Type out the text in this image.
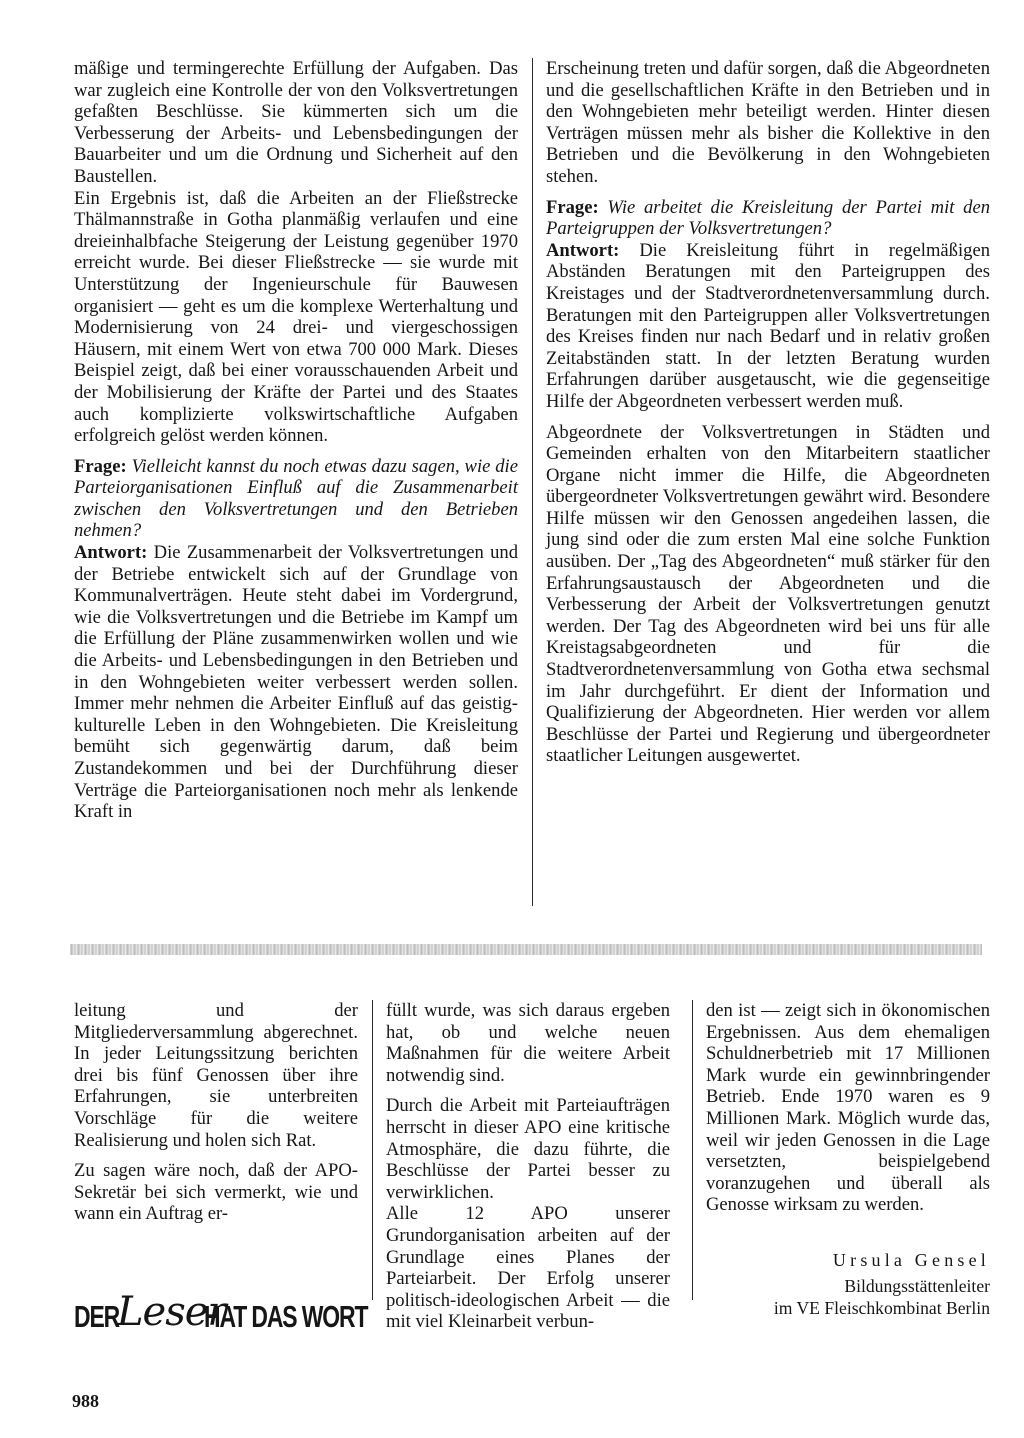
mäßige und termingerechte Erfüllung der Aufgaben. Das war zugleich eine Kontrolle der von den Volksvertretungen gefaßten Beschlüsse. Sie kümmerten sich um die Verbesserung der Arbeits- und Lebensbedingungen der Bauarbeiter und um die Ordnung und Sicherheit auf den Baustellen.

Ein Ergebnis ist, daß die Arbeiten an der Fließstrecke Thälmannstraße in Gotha planmäßig verlaufen und eine dreieinhalbfache Steigerung der Leistung gegenüber 1970 erreicht wurde. Bei dieser Fließstrecke — sie wurde mit Unterstützung der Ingenieurschule für Bauwesen organisiert — geht es um die komplexe Werterhaltung und Modernisierung von 24 drei- und viergeschossigen Häusern, mit einem Wert von etwa 700 000 Mark. Dieses Beispiel zeigt, daß bei einer vorausschauenden Arbeit und der Mobilisierung der Kräfte der Partei und des Staates auch komplizierte volkswirtschaftliche Aufgaben erfolgreich gelöst werden können.

Frage: Vielleicht kannst du noch etwas dazu sagen, wie die Parteiorganisationen Einfluß auf die Zusammenarbeit zwischen den Volksvertretungen und den Betrieben nehmen?

Antwort: Die Zusammenarbeit der Volksvertretungen und der Betriebe entwickelt sich auf der Grundlage von Kommunalverträgen. Heute steht dabei im Vordergrund, wie die Volksvertretungen und die Betriebe im Kampf um die Erfüllung der Pläne zusammenwirken wollen und wie die Arbeits- und Lebensbedingungen in den Betrieben und in den Wohngebieten weiter verbessert werden sollen. Immer mehr nehmen die Arbeiter Einfluß auf das geistig-kulturelle Leben in den Wohngebieten. Die Kreisleitung bemüht sich gegenwärtig darum, daß beim Zustandekommen und bei der Durchführung dieser Verträge die Parteiorganisationen noch mehr als lenkende Kraft in

Erscheinung treten und dafür sorgen, daß die Abgeordneten und die gesellschaftlichen Kräfte in den Betrieben und in den Wohngebieten mehr beteiligt werden. Hinter diesen Verträgen müssen mehr als bisher die Kollektive in den Betrieben und die Bevölkerung in den Wohngebieten stehen.

Frage: Wie arbeitet die Kreisleitung der Partei mit den Parteigruppen der Volksvertretungen?

Antwort: Die Kreisleitung führt in regelmäßigen Abständen Beratungen mit den Parteigruppen des Kreistages und der Stadtverordnetenversammlung durch. Beratungen mit den Parteigruppen aller Volksvertretungen des Kreises finden nur nach Bedarf und in relativ großen Zeitabständen statt. In der letzten Beratung wurden Erfahrungen darüber ausgetauscht, wie die gegenseitige Hilfe der Abgeordneten verbessert werden muß.

Abgeordnete der Volksvertretungen in Städten und Gemeinden erhalten von den Mitarbeitern staatlicher Organe nicht immer die Hilfe, die Abgeordneten übergeordneter Volksvertretungen gewährt wird. Besondere Hilfe müssen wir den Genossen angedeihen lassen, die jung sind oder die zum ersten Mal eine solche Funktion ausüben. Der „Tag des Abgeordneten“ muß stärker für den Erfahrungsaustausch der Abgeordneten und die Verbesserung der Arbeit der Volksvertretungen genutzt werden. Der Tag des Abgeordneten wird bei uns für alle Kreistagsabgeordneten und für die Stadtverordnetenversammlung von Gotha etwa sechsmal im Jahr durchgeführt. Er dient der Information und Qualifizierung der Abgeordneten. Hier werden vor allem Beschlüsse der Partei und Regierung und übergeordneter staatlicher Leitungen ausgewertet.

leitung und der Mitgliederversammlung abgerechnet. In jeder Leitungssitzung berichten drei bis fünf Genossen über ihre Erfahrungen, sie unterbreiten Vorschläge für die weitere Realisierung und holen sich Rat.

Zu sagen wäre noch, daß der APO-Sekretär bei sich vermerkt, wie und wann ein Auftrag er-

füllt wurde, was sich daraus ergeben hat, ob und welche neuen Maßnahmen für die weitere Arbeit notwendig sind.

Durch die Arbeit mit Parteiaufträgen herrscht in dieser APO eine kritische Atmosphäre, die dazu führte, die Beschlüsse der Partei besser zu verwirklichen.

Alle 12 APO unserer Grundorganisation arbeiten auf der Grundlage eines Planes der Parteiarbeit. Der Erfolg unserer politisch-ideologischen Arbeit — die mit viel Kleinarbeit verbun-

den ist — zeigt sich in ökonomischen Ergebnissen. Aus dem ehemaligen Schuldnerbetrieb mit 17 Millionen Mark wurde ein gewinnbringender Betrieb. Ende 1970 waren es 9 Millionen Mark. Möglich wurde das, weil wir jeden Genossen in die Lage versetzten, beispielgebend voranzugehen und überall als Genosse wirksam zu werden.

Ursula Gensel
Bildungsstättenleiter
im VE Fleischkombinat Berlin
DER
Leser
HAT DAS WORT
988
